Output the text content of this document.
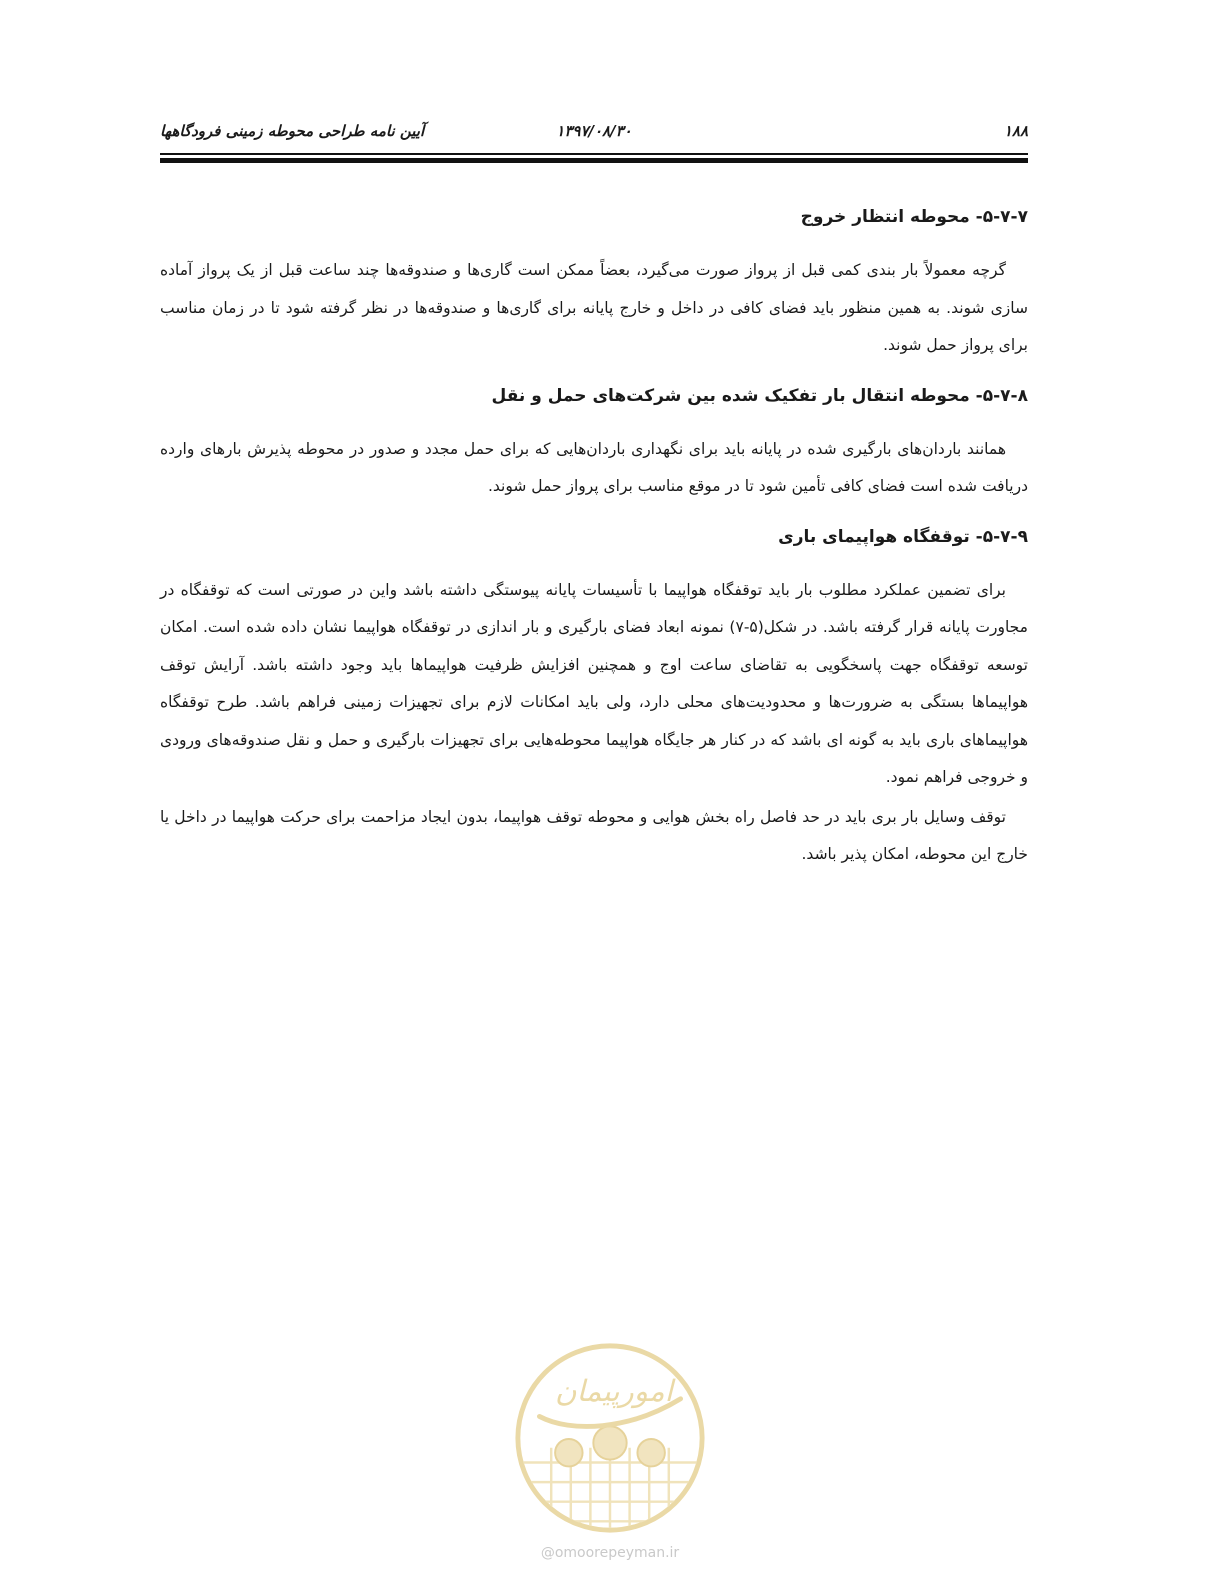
۱۸۸
۱۳۹۷/۰۸/۳۰
آیین نامه طراحی محوطه زمینی فرودگاهها
۵-۷-۷- محوطه انتظار خروج

گرچه معمولاً بار بندی کمی قبل از پرواز صورت می‌گیرد، بعضاً ممکن است گاری‌ها و صندوقه‌ها چند ساعت قبل از یک پرواز آماده سازی شوند. به همین منظور باید فضای کافی در داخل و خارج پایانه برای گاری‌ها و صندوقه‌ها در نظر گرفته شود تا در زمان مناسب برای پرواز حمل شوند.

۵-۷-۸- محوطه انتقال بار تفکیک شده بین شرکت‌های حمل و نقل

همانند باردان‌های بارگیری شده در پایانه باید برای نگهداری باردان‌هایی که برای حمل مجدد و صدور در محوطه پذیرش بارهای وارده دریافت شده است فضای کافی تأمین شود تا در موقع مناسب برای پرواز حمل شوند.

۵-۷-۹- توقفگاه هواپیمای باری

برای تضمین عملکرد مطلوب بار باید توقفگاه هواپیما با تأسیسات پایانه پیوستگی داشته باشد واین در صورتی است که توقفگاه در مجاورت پایانه قرار گرفته باشد. در شکل(۵-۷) نمونه ابعاد فضای بارگیری و بار اندازی در توقفگاه هواپیما نشان داده شده است. امکان توسعه توقفگاه جهت پاسخگویی به تقاضای ساعت اوج و همچنین افزایش ظرفیت هواپیماها باید وجود داشته باشد. آرایش توقف هواپیماها بستگی به ضرورت‌ها و محدودیت‌های محلی دارد، ولی باید امکانات لازم برای تجهیزات زمینی فراهم باشد. طرح توقفگاه هواپیماهای باری باید به گونه ای باشد که در کنار هر جایگاه هواپیما محوطه‌هایی برای تجهیزات بارگیری و حمل و نقل صندوقه‌های ورودی و خروجی فراهم نمود.

توقف وسایل بار بری باید در حد فاصل راه بخش هوایی و محوطه توقف هواپیما، بدون ایجاد مزاحمت برای حرکت هواپیما در داخل یا خارج این محوطه، امکان پذیر باشد.

امورپیمان
@omoorepeyman.ir
